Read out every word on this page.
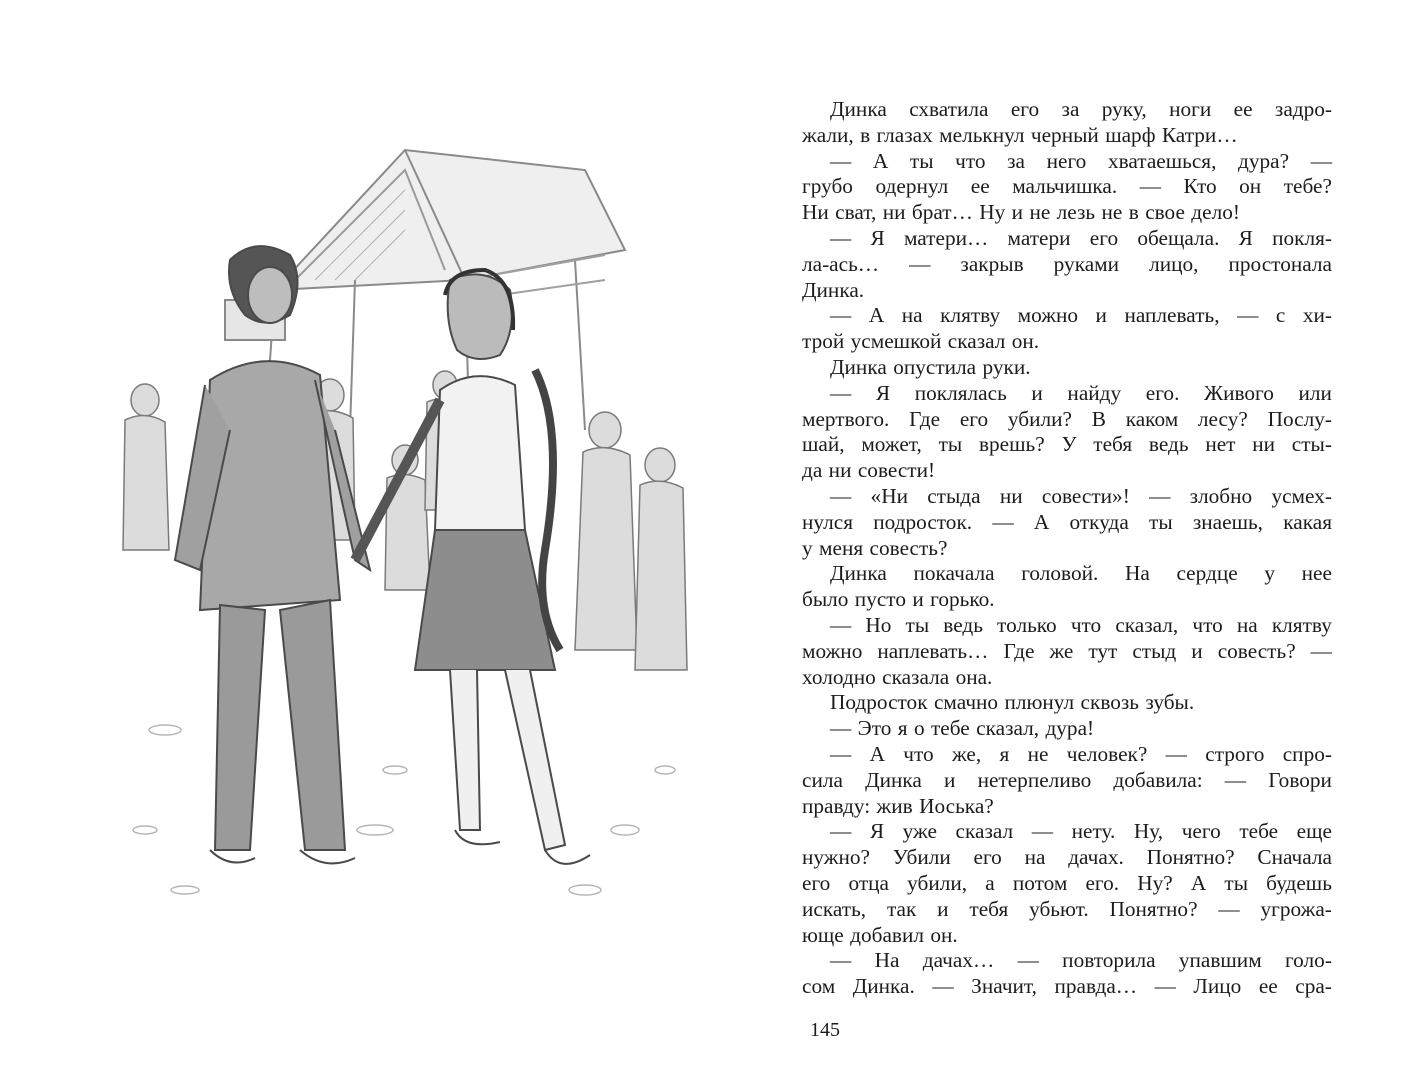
Динка схватила его за руку, ноги ее задро-
жали, в глазах мелькнул черный шарф Катри…
— А ты что за него хватаешься, дура? —
грубо одернул ее мальчишка. — Кто он тебе?
Ни сват, ни брат… Ну и не лезь не в свое дело!
— Я матери… матери его обещала. Я покля-
ла-ась… — закрыв руками лицо, простонала
Динка.
— А на клятву можно и наплевать, — с хи-
трой усмешкой сказал он.
Динка опустила руки.
— Я поклялась и найду его. Живого или
мертвого. Где его убили? В каком лесу? Послу-
шай, может, ты врешь? У тебя ведь нет ни сты-
да ни совести!
— «Ни стыда ни совести»! — злобно усмех-
нулся подросток. — А откуда ты знаешь, какая
у меня совесть?
Динка покачала головой. На сердце у нее
было пусто и горько.
— Но ты ведь только что сказал, что на клятву
можно наплевать… Где же тут стыд и совесть? —
холодно сказала она.
Подросток смачно плюнул сквозь зубы.
— Это я о тебе сказал, дура!
— А что же, я не человек? — строго спро-
сила Динка и нетерпеливо добавила: — Говори
правду: жив Иоська?
— Я уже сказал — нету. Ну, чего тебе еще
нужно? Убили его на дачах. Понятно? Сначала
его отца убили, а потом его. Ну? А ты будешь
искать, так и тебя убьют. Понятно? — угрожа-
юще добавил он.
— На дачах… — повторила упавшим голо-
сом Динка. — Значит, правда… — Лицо ее сра-
145
